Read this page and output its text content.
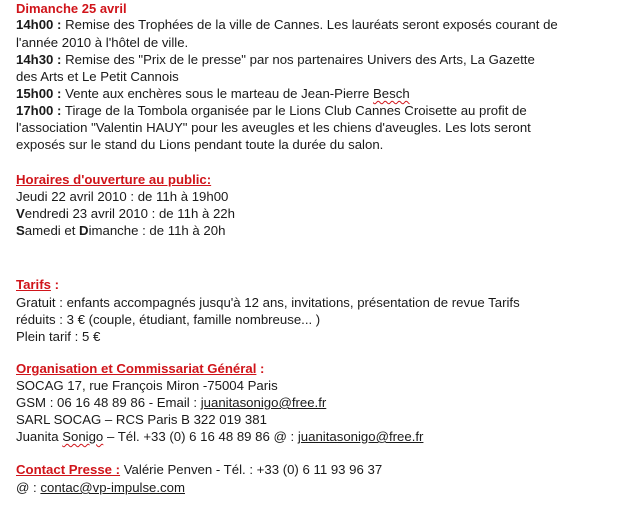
Dimanche 25 avril
14h00 : Remise des Trophées de la ville de Cannes. Les lauréats seront exposés courant de
l'année 2010 à l'hôtel de ville.
14h30 : Remise des "Prix de le presse" par nos partenaires Univers des Arts, La Gazette
des Arts et Le Petit Cannois
15h00 : Vente aux enchères sous le marteau de Jean-Pierre Besch
17h00 : Tirage de la Tombola organisée par le Lions Club Cannes Croisette au profit de
l'association "Valentin HAUY" pour les aveugles et les chiens d'aveugles. Les lots seront
exposés sur le stand du Lions pendant toute la durée du salon.
Horaires d'ouverture au public:
Jeudi 22 avril 2010 : de 11h à 19h00
Vendredi 23 avril 2010 : de 11h à 22h
Samedi et Dimanche : de 11h à 20h
Tarifs :
Gratuit : enfants accompagnés jusqu'à 12 ans, invitations, présentation de revue Tarifs
réduits : 3 € (couple, étudiant, famille nombreuse... )
Plein tarif : 5 €
Organisation et Commissariat Général :
SOCAG 17, rue François Miron -75004 Paris
GSM : 06 16 48 89 86 - Email : juanitasonigo@free.fr
SARL SOCAG – RCS Paris B 322 019 381
Juanita Sonigo – Tél. +33 (0) 6 16 48 89 86 @ : juanitasonigo@free.fr
Contact Presse : Valérie Penven - Tél. : +33 (0) 6 11 93 96 37
@ : contac@vp-impulse.com
